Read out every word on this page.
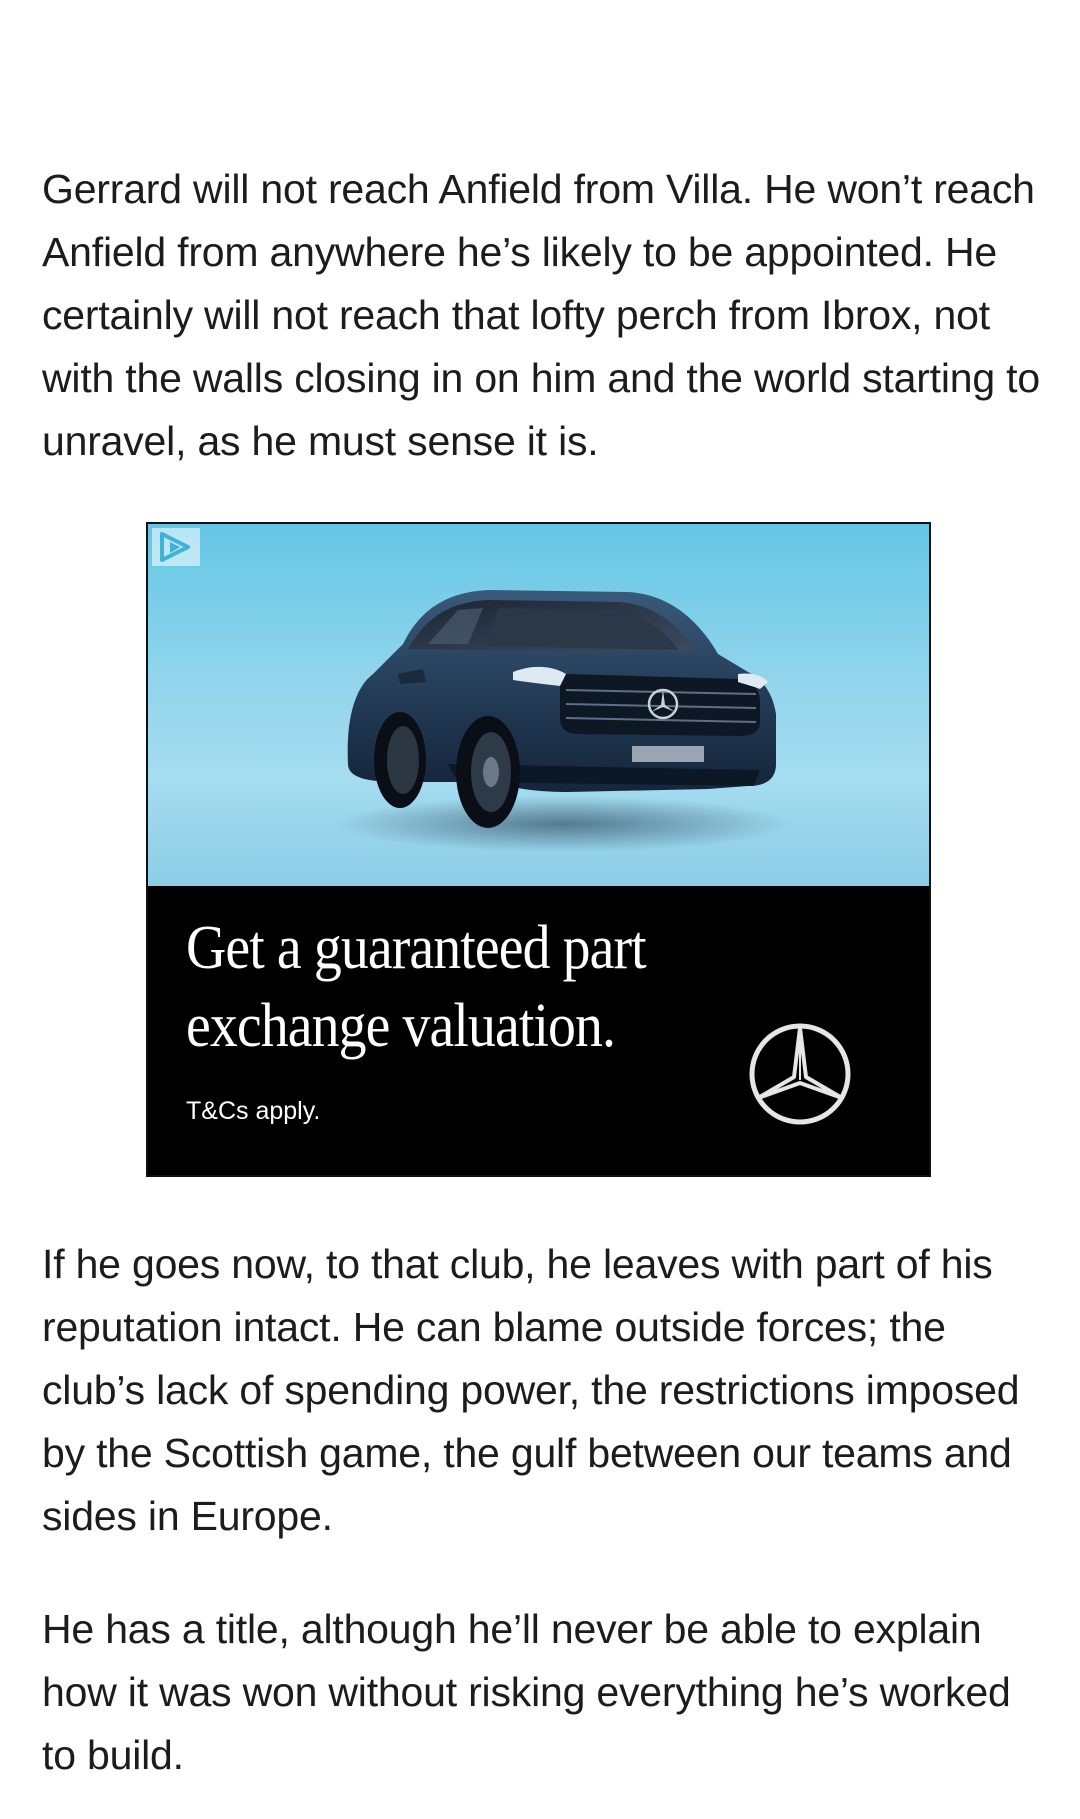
Gerrard will not reach Anfield from Villa. He won’t reach Anfield from anywhere he’s likely to be appointed. He certainly will not reach that lofty perch from Ibrox, not with the walls closing in on him and the world starting to unravel, as he must sense it is.

Get a guaranteed part exchange valuation.

T&Cs apply.

If he goes now, to that club, he leaves with part of his reputation intact. He can blame outside forces; the club’s lack of spending power, the restrictions imposed by the Scottish game, the gulf between our teams and sides in Europe.

He has a title, although he’ll never be able to explain how it was won without risking everything he’s worked to build.
